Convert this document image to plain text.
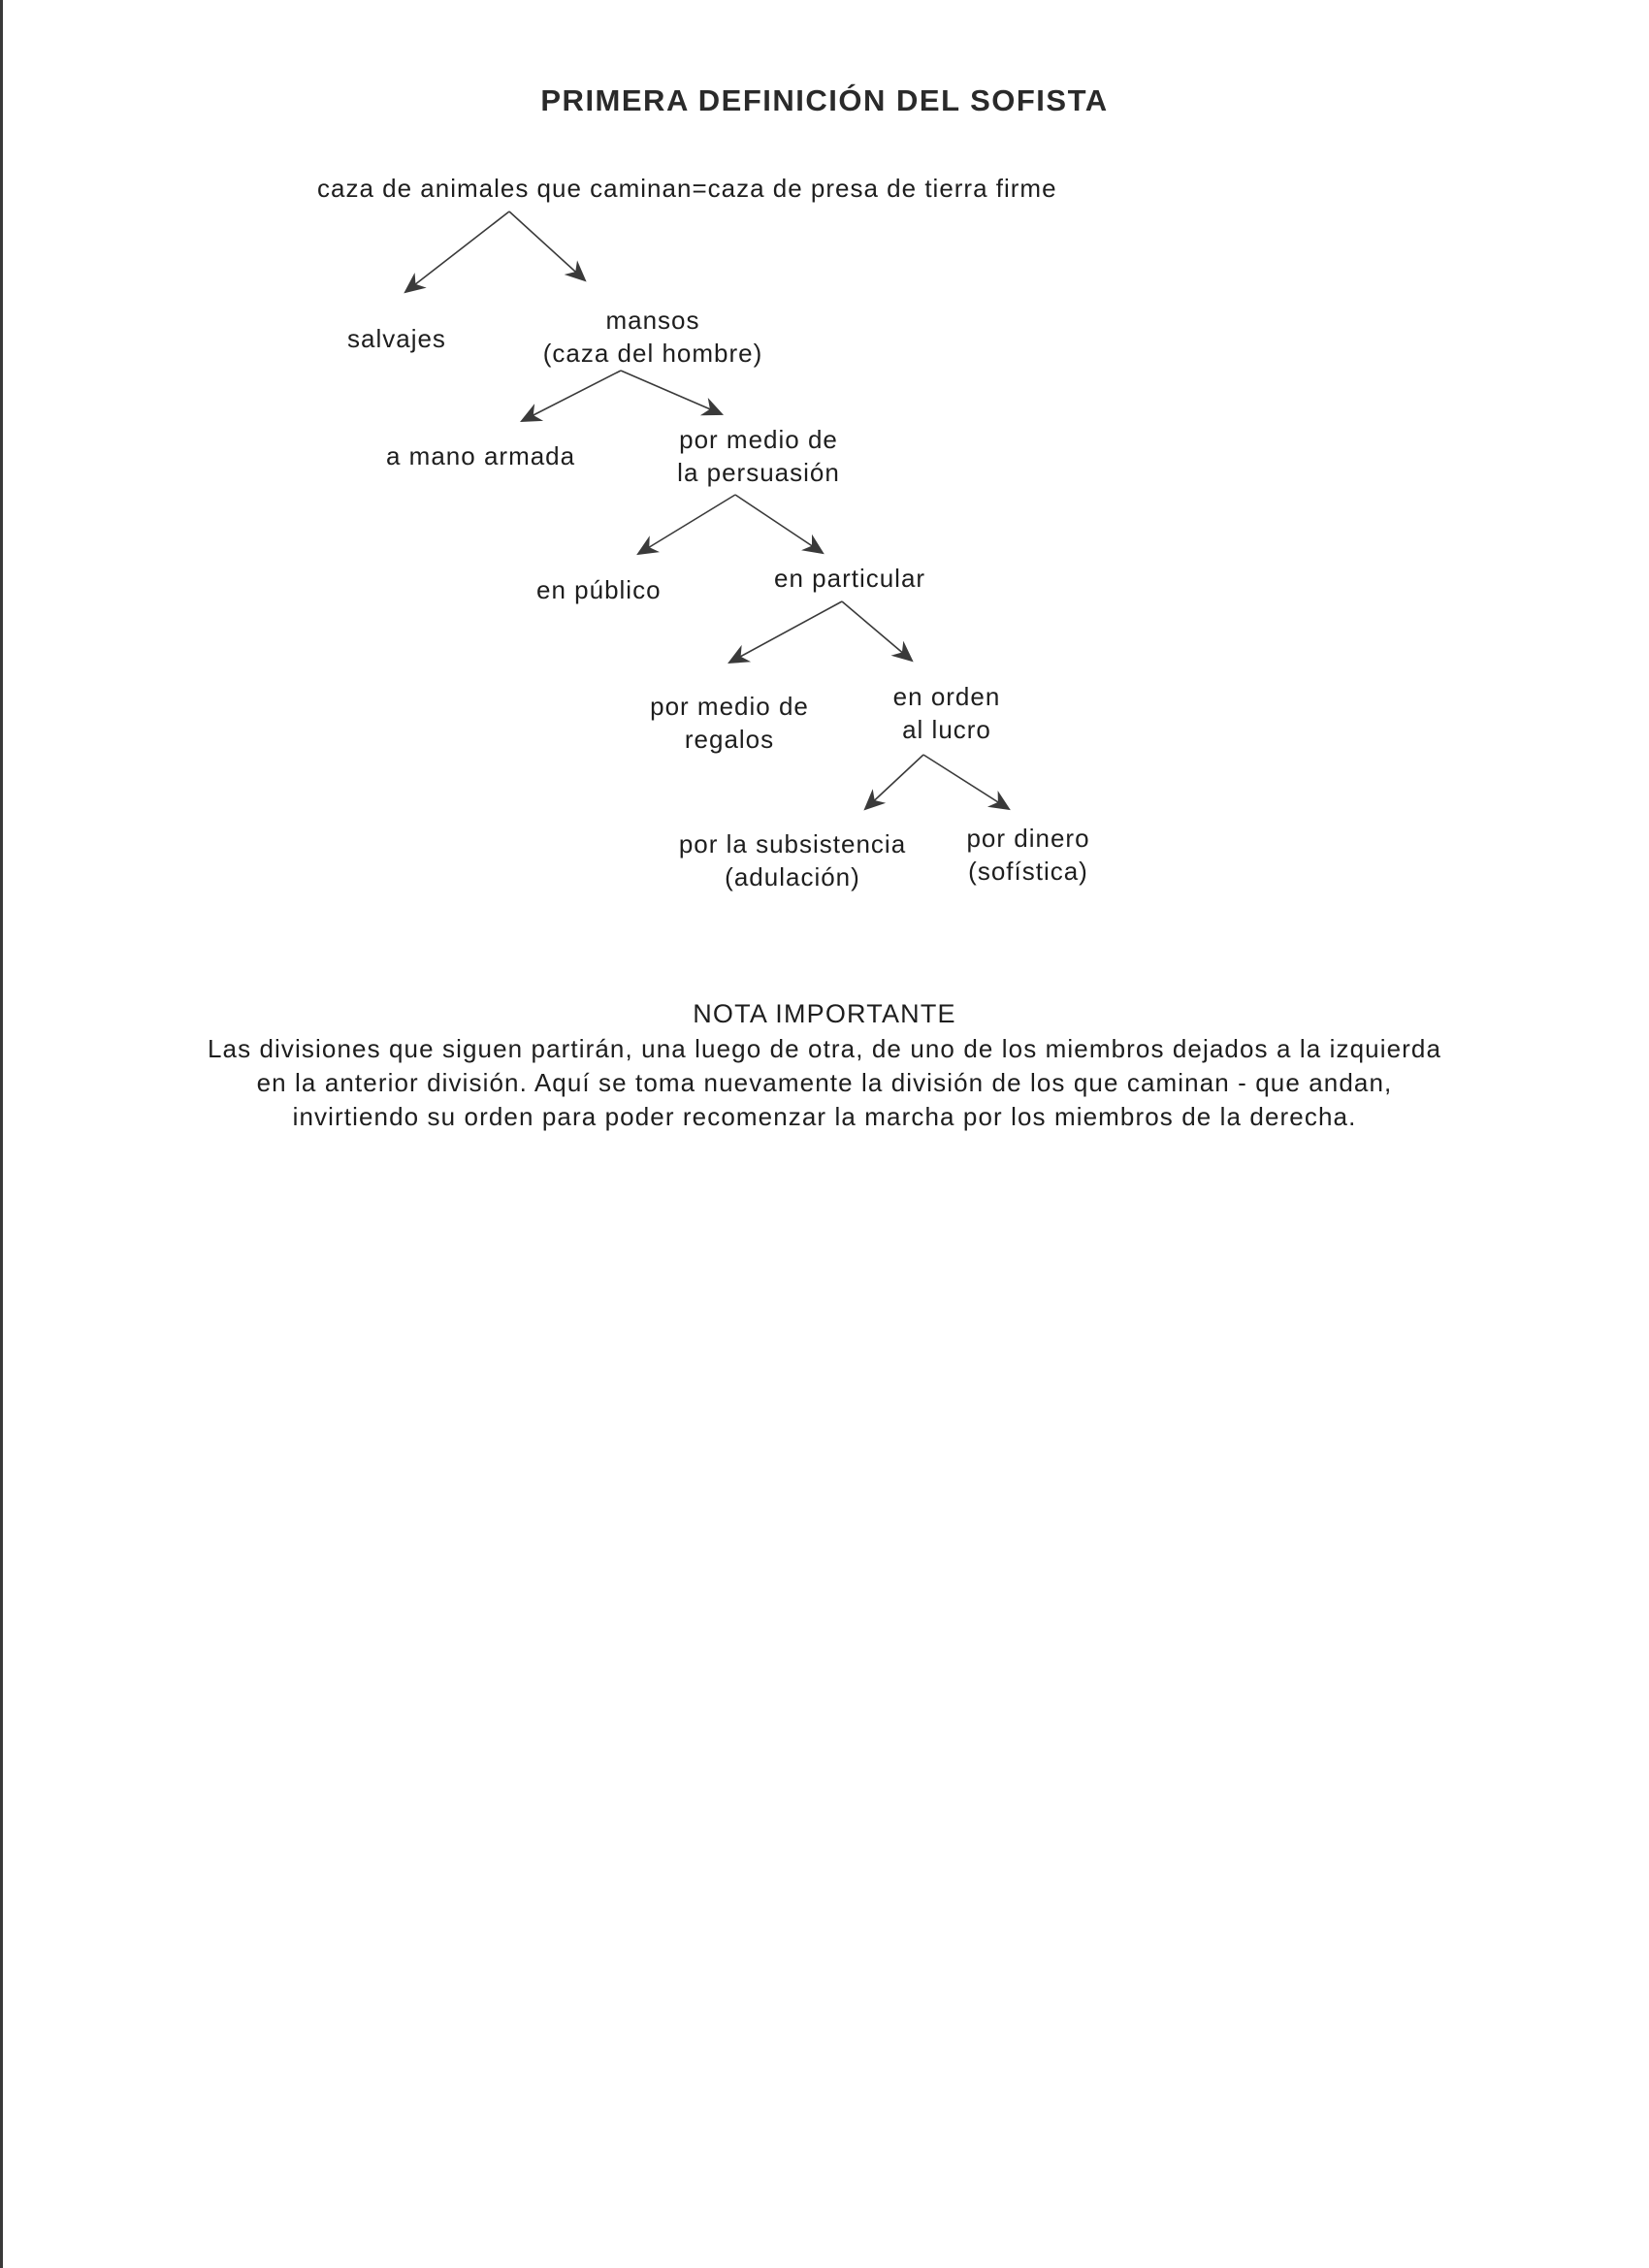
PRIMERA DEFINICIÓN DEL SOFISTA
caza de animales que caminan=caza de presa de tierra firme
salvajes
mansos
(caza del hombre)
a mano armada
por medio de
la persuasión
en público	en particular
por medio de
regalos
en orden
al lucro
por la subsistencia
(adulación)
por dinero
(sofística)
NOTA IMPORTANTE
Las divisiones que siguen partirán, una luego de otra, de uno de los miembros dejados a la izquierda
en la anterior división. Aquí se toma nuevamente la división de los que caminan - que andan,
invirtiendo su orden para poder recomenzar la marcha por los miembros de la derecha.
